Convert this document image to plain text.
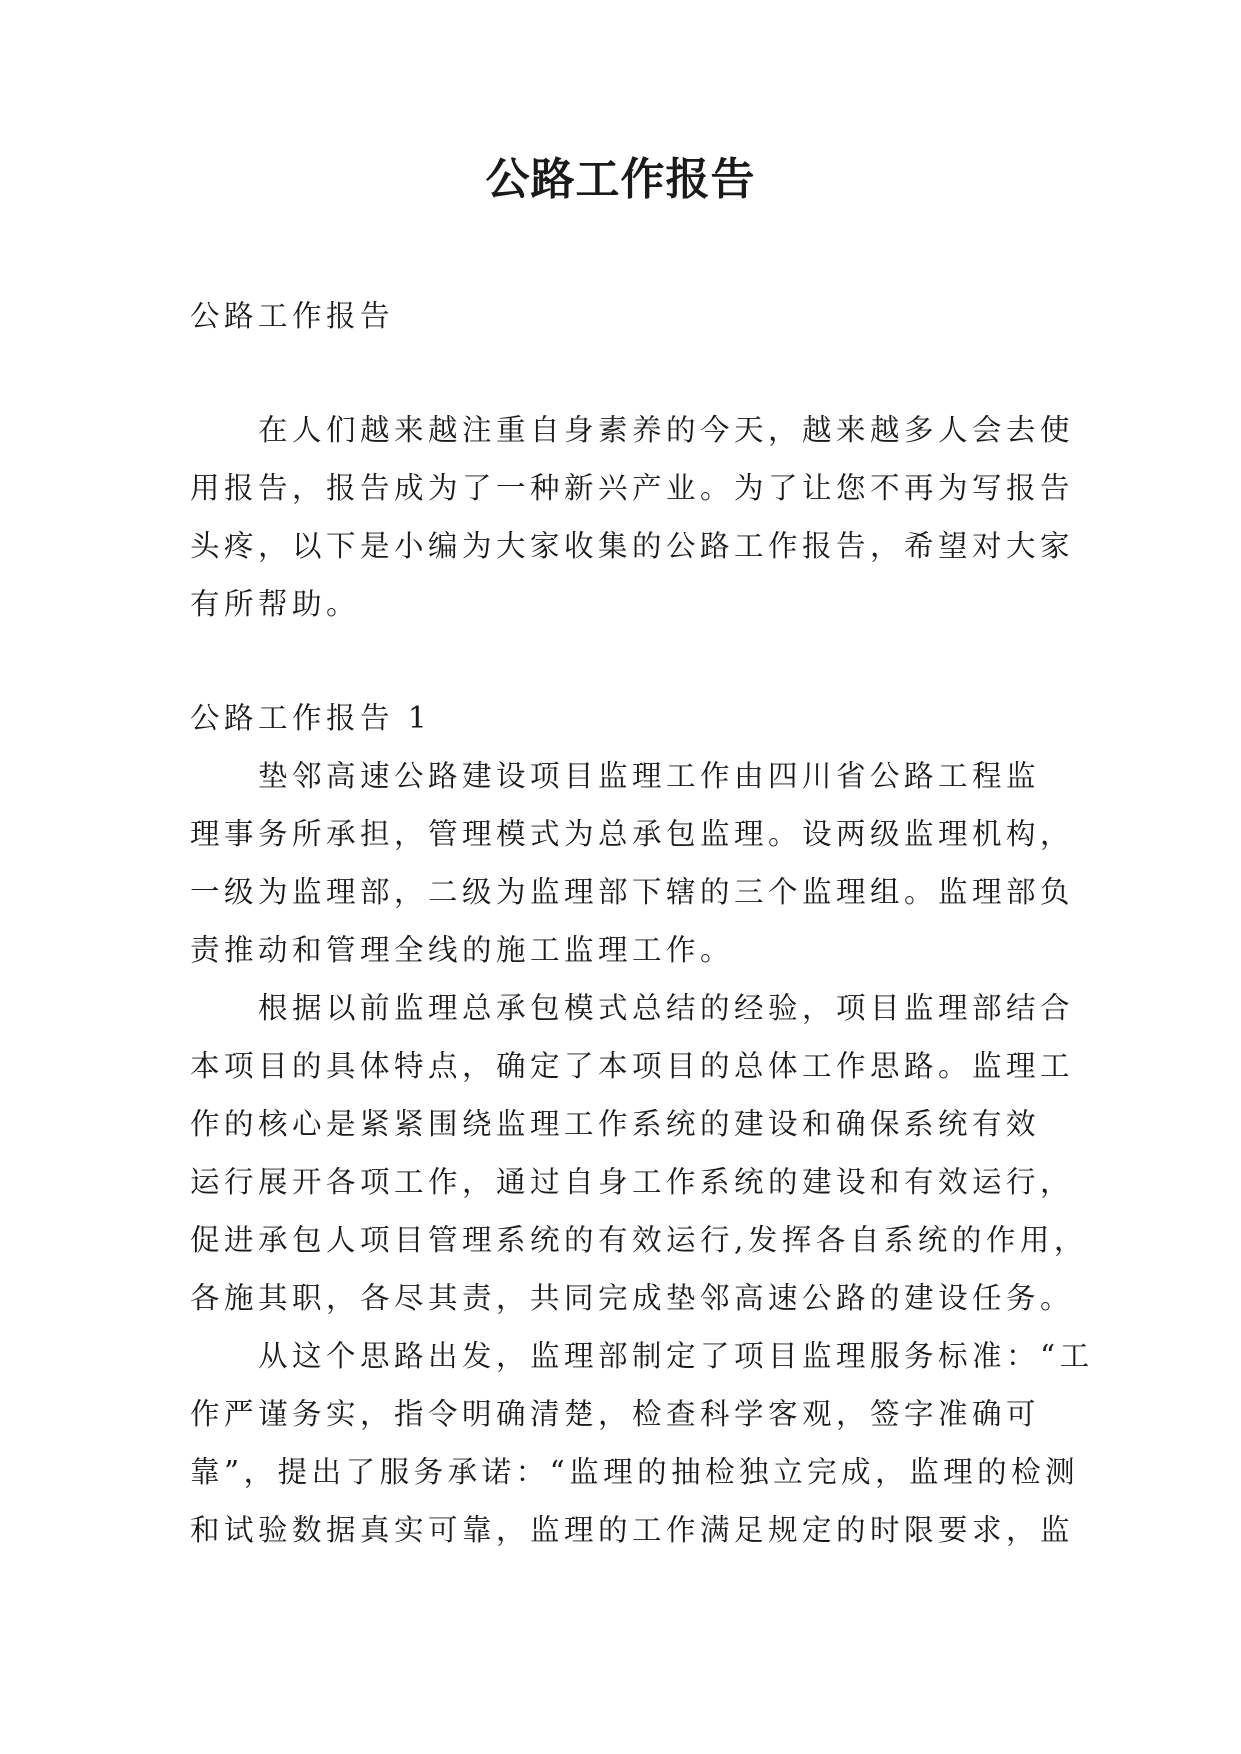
公路工作报告
公路工作报告
在人们越来越注重自身素养的今天，越来越多人会去使
用报告，报告成为了一种新兴产业。为了让您不再为写报告
头疼，以下是小编为大家收集的公路工作报告，希望对大家
有所帮助。
公路工作报告 1
垫邻高速公路建设项目监理工作由四川省公路工程监
理事务所承担，管理模式为总承包监理。设两级监理机构，
一级为监理部，二级为监理部下辖的三个监理组。监理部负
责推动和管理全线的施工监理工作。
根据以前监理总承包模式总结的经验，项目监理部结合
本项目的具体特点，确定了本项目的总体工作思路。监理工
作的核心是紧紧围绕监理工作系统的建设和确保系统有效
运行展开各项工作，通过自身工作系统的建设和有效运行，
促进承包人项目管理系统的有效运行,发挥各自系统的作用，
各施其职，各尽其责，共同完成垫邻高速公路的建设任务。
从这个思路出发，监理部制定了项目监理服务标准：“工
作严谨务实，指令明确清楚，检查科学客观，签字准确可
靠”，提出了服务承诺：“监理的抽检独立完成，监理的检测
和试验数据真实可靠，监理的工作满足规定的时限要求，监
